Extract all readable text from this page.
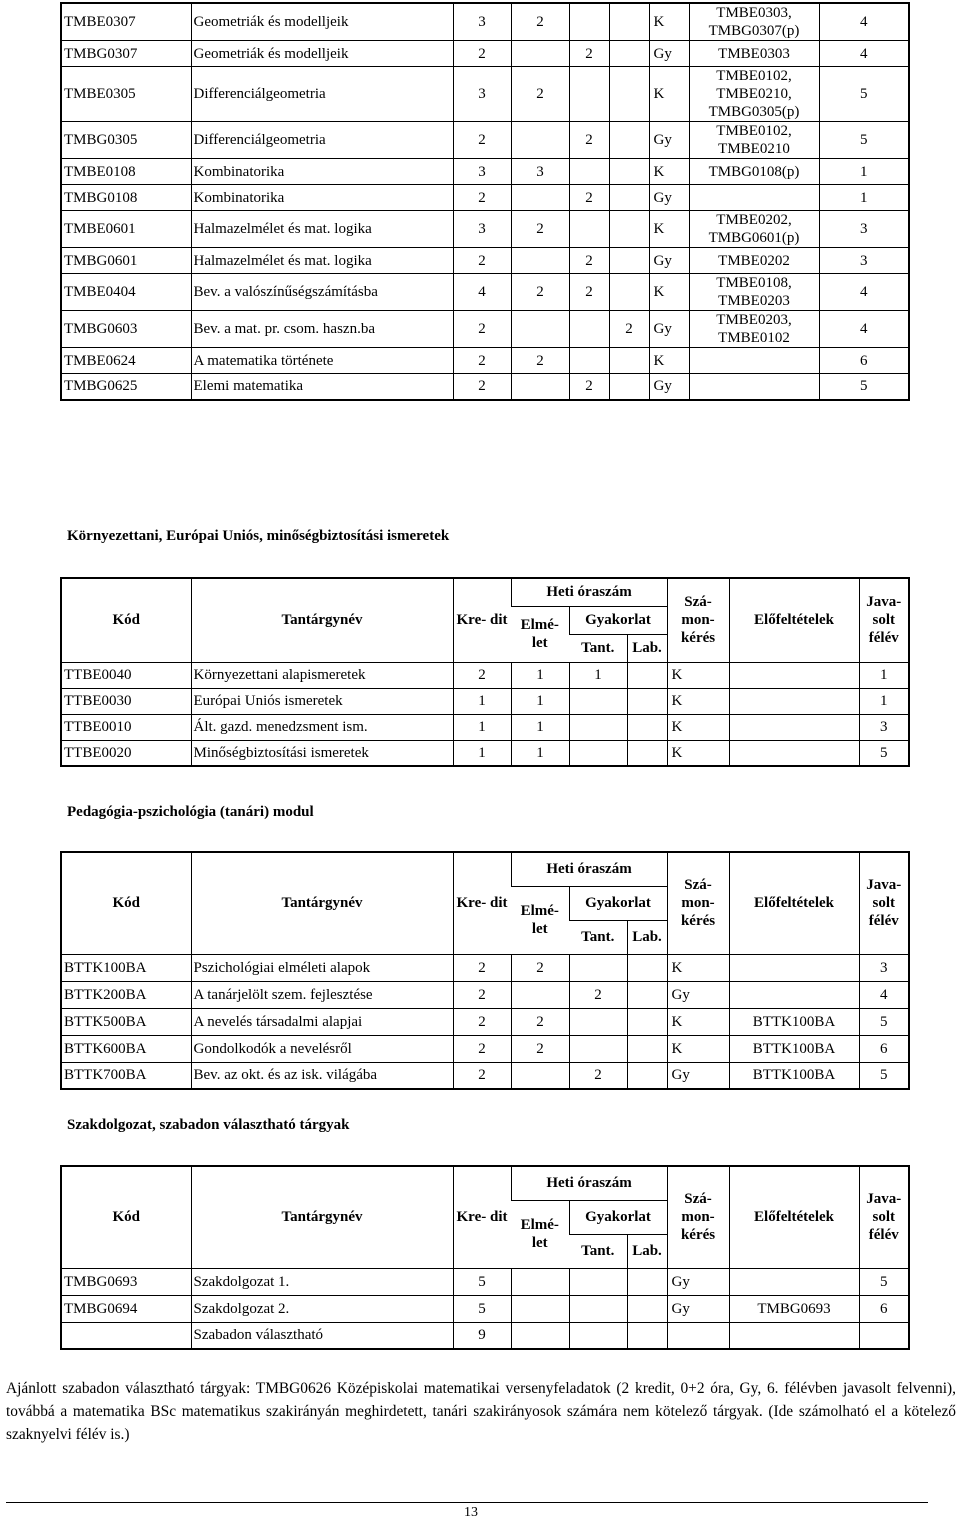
TMBE0307	Geometriák és modelljeik	3	2			K	TMBE0303, TMBG0307(p)	4
TMBG0307	Geometriák és modelljeik	2		2		Gy	TMBE0303	4
TMBE0305	Differenciálgeometria	3	2			K	TMBE0102, TMBE0210, TMBG0305(p)	5
TMBG0305	Differenciálgeometria	2		2		Gy	TMBE0102, TMBE0210	5
TMBE0108	Kombinatorika	3	3			K	TMBG0108(p)	1
TMBG0108	Kombinatorika	2		2		Gy		1
TMBE0601	Halmazelmélet és mat. logika	3	2			K	TMBE0202, TMBG0601(p)	3
TMBG0601	Halmazelmélet és mat. logika	2		2		Gy	TMBE0202	3
TMBE0404	Bev. a valószínűségszámításba	4	2	2		K	TMBE0108, TMBE0203	4
TMBG0603	Bev. a mat. pr. csom. haszn.ba	2			2	Gy	TMBE0203, TMBE0102	4
TMBE0624	A matematika története	2	2			K		6
TMBG0625	Elemi matematika	2		2		Gy		5
Környezettani, Európai Uniós, minőségbiztosítási ismeretek
Kód	Tantárgynév	Kre- dit	Heti óraszám			Szá- mon- kérés	Előfeltételek	Java- solt félév
			Elmé- let	Gyakorlat				
				Tant.	Lab.			
TTBE0040	Környezettani alapismeretek	2	1	1		K		1
TTBE0030	Európai Uniós ismeretek	1	1			K		1
TTBE0010	Ált. gazd. menedzsment ism.	1	1			K		3
TTBE0020	Minőségbiztosítási ismeretek	1	1			K		5
Pedagógia-pszichológia (tanári) modul
Kód	Tantárgynév	Kre- dit	Heti óraszám			Szá- mon- kérés	Előfeltételek	Java- solt félév
			Elmé- let	Gyakorlat				
				Tant.	Lab.			
BTTK100BA	Pszichológiai elméleti alapok	2	2			K		3
BTTK200BA	A tanárjelölt szem. fejlesztése	2		2		Gy		4
BTTK500BA	A nevelés társadalmi alapjai	2	2			K	BTTK100BA	5
BTTK600BA	Gondolkodók a nevelésről	2	2			K	BTTK100BA	6
BTTK700BA	Bev. az okt. és az isk. világába	2		2		Gy	BTTK100BA	5
Szakdolgozat, szabadon választható tárgyak
Kód	Tantárgynév	Kre- dit	Heti óraszám			Szá- mon- kérés	Előfeltételek	Java- solt félév
			Elmé- let	Gyakorlat				
				Tant.	Lab.			
TMBG0693	Szakdolgozat 1.	5				Gy		5
TMBG0694	Szakdolgozat 2.	5				Gy	TMBG0693	6
	Szabadon választható	9						
Ajánlott szabadon választható tárgyak: TMBG0626 Középiskolai matematikai versenyfeladatok (2 kredit, 0+2 óra, Gy, 6. félévben javasolt felvenni), továbbá a matematika BSc matematikus szakirányán meghirdetett, tanári szakirányosok számára nem kötelező tárgyak. (Ide számolható el a kötelező szaknyelvi félév is.)
13
